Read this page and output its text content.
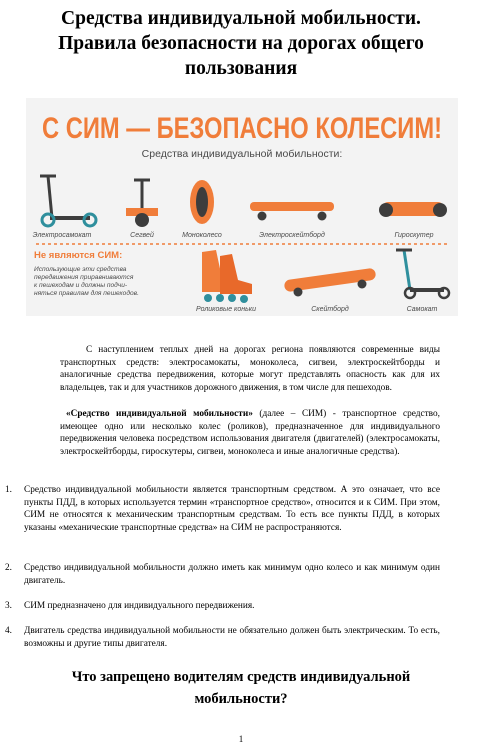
Средства индивидуальной мобильности.
Правила безопасности на дорогах общего
пользования
С СИМ — БЕЗОПАСНО КОЛЕСИМ!
Средства индивидуальной мобильности:
Электросамокат	Сегвей	Моноколесо	Электроскейтборд	Гироскутер
Не являются СИМ:
Использующие эти средства
передвижения приравниваются
к пешеходам и должны подчи-
няться правилам для пешеходов.
Роликовые коньки	Скейтборд	Самокат

С наступлением теплых дней на дорогах региона появляются современные виды транспортных средств: электросамокаты, моноколеса, сигвеи, электроскейтборды и аналогичные средства передвижения, которые могут представлять опасность как для их владельцев, так и для участников дорожного движения, в том числе для пешеходов.

«Средство индивидуальной мобильности» (далее – СИМ) - транспортное средство, имеющее одно или несколько колес (роликов), предназначенное для индивидуального передвижения человека посредством использования двигателя (двигателей) (электросамокаты, электроскейтборды, гироскутеры, сигвеи, моноколеса и иные аналогичные средства).

1. Средство индивидуальной мобильности является транспортным средством. А это означает, что все пункты ПДД, в которых используется термин «транспортное средство», относится и к СИМ. При этом, СИМ не относятся к механическим транспортным средствам. То есть все пункты ПДД, в которых указаны «механические транспортные средства» на СИМ не распространяются.
2. Средство индивидуальной мобильности должно иметь как минимум одно колесо и как минимум один двигатель.
3. СИМ предназначено для индивидуального передвижения.
4. Двигатель средства индивидуальной мобильности не обязательно должен быть электрическим. То есть, возможны и другие типы двигателя.
Что запрещено водителям средств индивидуальной
мобильности?
1
